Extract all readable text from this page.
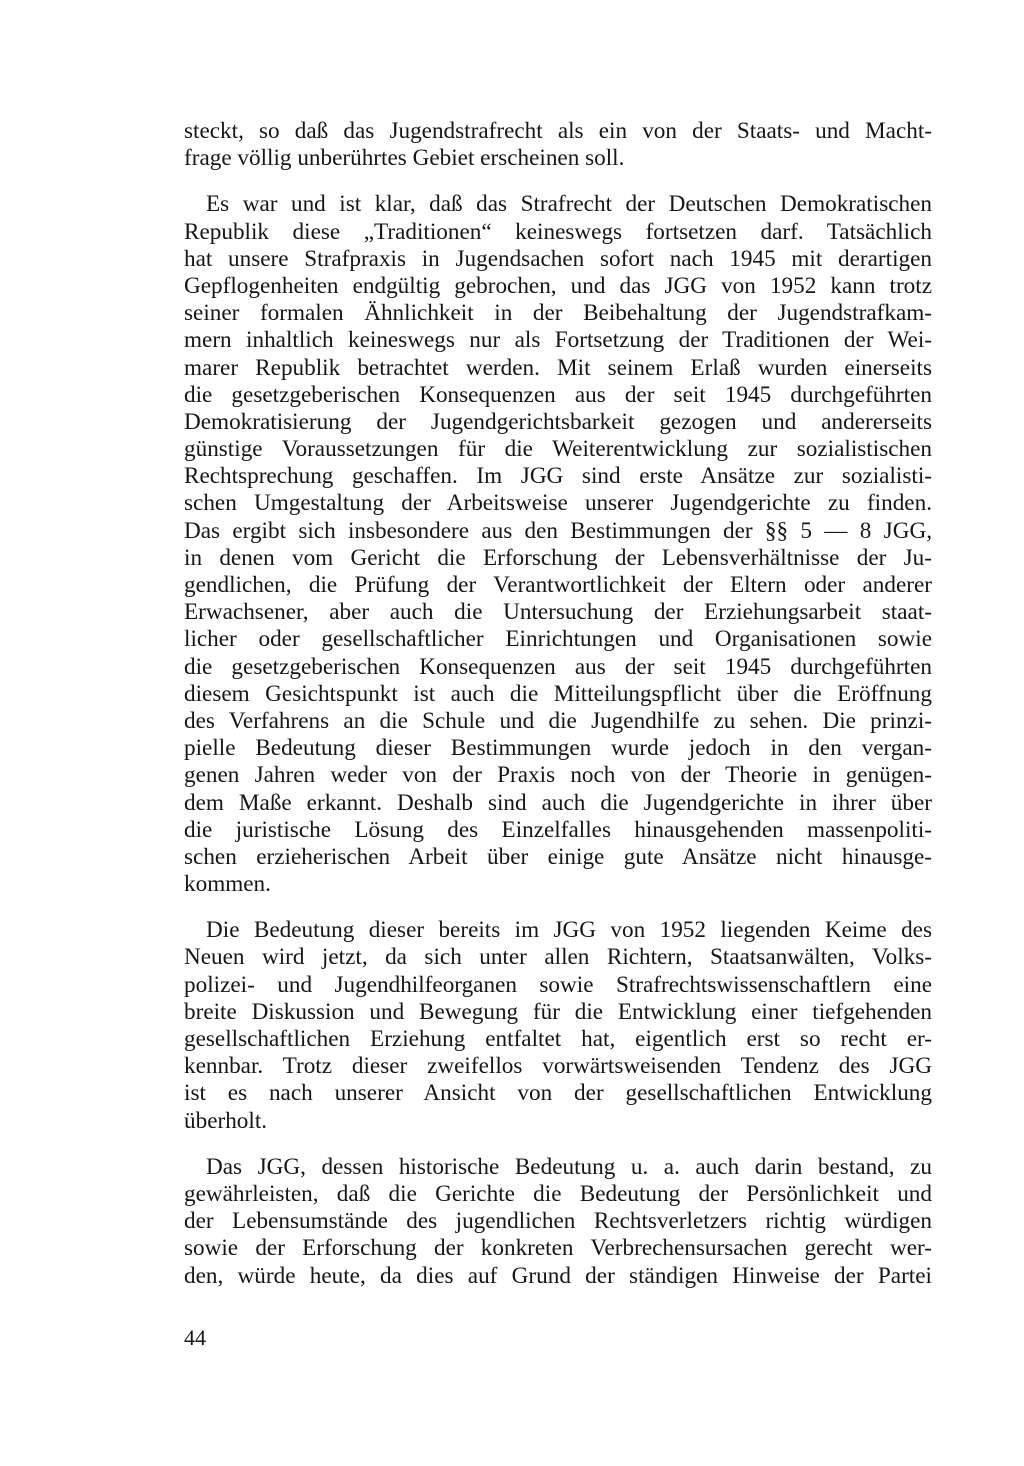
steckt, so daß das Jugendstrafrecht als ein von der Staats- und Macht-
frage völlig unberührtes Gebiet erscheinen soll.
Es war und ist klar, daß das Strafrecht der Deutschen Demokratischen
Republik diese „Traditionen“ keineswegs fortsetzen darf. Tatsächlich
hat unsere Strafpraxis in Jugendsachen sofort nach 1945 mit derartigen
Gepflogenheiten endgültig gebrochen, und das JGG von 1952 kann trotz
seiner formalen Ähnlichkeit in der Beibehaltung der Jugendstrafkam-
mern inhaltlich keineswegs nur als Fortsetzung der Traditionen der Wei-
marer Republik betrachtet werden. Mit seinem Erlaß wurden einerseits
die gesetzgeberischen Konsequenzen aus der seit 1945 durchgeführten
Demokratisierung der Jugendgerichtsbarkeit gezogen und andererseits
günstige Voraussetzungen für die Weiterentwicklung zur sozialistischen
Rechtsprechung geschaffen. Im JGG sind erste Ansätze zur sozialisti-
schen Umgestaltung der Arbeitsweise unserer Jugendgerichte zu finden.
Das ergibt sich insbesondere aus den Bestimmungen der §§ 5 — 8 JGG,
in denen vom Gericht die Erforschung der Lebensverhältnisse der Ju-
gendlichen, die Prüfung der Verantwortlichkeit der Eltern oder anderer
Erwachsener, aber auch die Untersuchung der Erziehungsarbeit staat-
licher oder gesellschaftlicher Einrichtungen und Organisationen sowie
die gesetzgeberischen Konsequenzen aus der seit 1945 durchgeführten
diesem Gesichtspunkt ist auch die Mitteilungspflicht über die Eröffnung
des Verfahrens an die Schule und die Jugendhilfe zu sehen. Die prinzi-
pielle Bedeutung dieser Bestimmungen wurde jedoch in den vergan-
genen Jahren weder von der Praxis noch von der Theorie in genügen-
dem Maße erkannt. Deshalb sind auch die Jugendgerichte in ihrer über
die juristische Lösung des Einzelfalles hinausgehenden massenpoliti-
schen erzieherischen Arbeit über einige gute Ansätze nicht hinausge-
kommen.
Die Bedeutung dieser bereits im JGG von 1952 liegenden Keime des
Neuen wird jetzt, da sich unter allen Richtern, Staatsanwälten, Volks-
polizei- und Jugendhilfeorganen sowie Strafrechtswissenschaftlern eine
breite Diskussion und Bewegung für die Entwicklung einer tiefgehenden
gesellschaftlichen Erziehung entfaltet hat, eigentlich erst so recht er-
kennbar. Trotz dieser zweifellos vorwärtsweisenden Tendenz des JGG
ist es nach unserer Ansicht von der gesellschaftlichen Entwicklung
überholt.
Das JGG, dessen historische Bedeutung u. a. auch darin bestand, zu
gewährleisten, daß die Gerichte die Bedeutung der Persönlichkeit und
der Lebensumstände des jugendlichen Rechtsverletzers richtig würdigen
sowie der Erforschung der konkreten Verbrechensursachen gerecht wer-
den, würde heute, da dies auf Grund der ständigen Hinweise der Partei
44
